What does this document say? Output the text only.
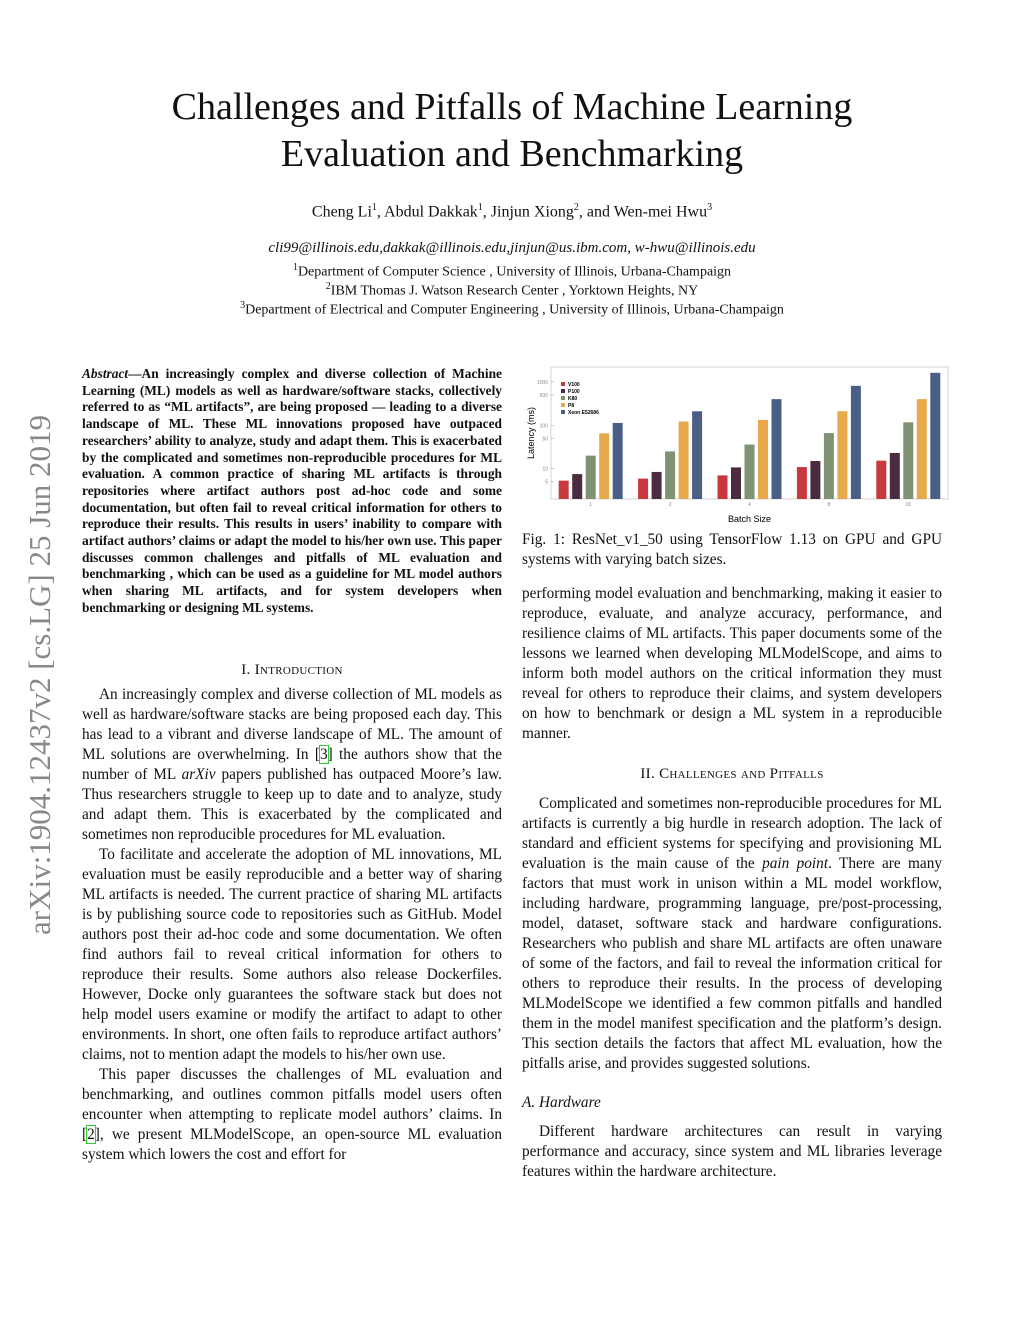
Challenges and Pitfalls of Machine Learning
Evaluation and Benchmarking
Cheng Li$^1$, Abdul Dakkak$^1$, Jinjun Xiong$^2$, and Wen-mei Hwu$^3$
cli99@illinois.edu,dakkak@illinois.edu,jinjun@us.ibm.com, w-hwu@illinois.edu
$^1$Department of Computer Science , University of Illinois, Urbana-Champaign
$^2$IBM Thomas J. Watson Research Center , Yorktown Heights, NY
$^3$Department of Electrical and Computer Engineering , University of Illinois, Urbana-Champaign
arXiv:1904.12437v2 [cs.LG] 25 Jun 2019
Abstract—An increasingly complex and diverse collection of Machine Learning (ML) models as well as hardware/software stacks, collectively referred to as “ML artifacts”, are being proposed — leading to a diverse landscape of ML. These ML innovations proposed have outpaced researchers’ ability to analyze, study and adapt them. This is exacerbated by the complicated and sometimes non-reproducible procedures for ML evaluation. A common practice of sharing ML artifacts is through repositories where artifact authors post ad-hoc code and some documentation, but often fail to reveal critical information for others to reproduce their results. This results in users’ inability to compare with artifact authors’ claims or adapt the model to his/her own use. This paper discusses common challenges and pitfalls of ML evaluation and benchmarking , which can be used as a guideline for ML model authors when sharing ML artifacts, and for system developers when benchmarking or designing ML systems.
I. Introduction

An increasingly complex and diverse collection of ML models as well as hardware/software stacks are being proposed each day. This has lead to a vibrant and diverse landscape of ML. The amount of ML solutions are overwhelming. In [3] the authors show that the number of ML arXiv papers published has outpaced Moore’s law. Thus researchers struggle to keep up to date and to analyze, study and adapt them. This is exacerbated by the complicated and sometimes non reproducible procedures for ML evaluation.

To facilitate and accelerate the adoption of ML innovations, ML evaluation must be easily reproducible and a better way of sharing ML artifacts is needed. The current practice of sharing ML artifacts is by publishing source code to repositories such as GitHub. Model authors post their ad-hoc code and some documentation. We often find authors fail to reveal critical information for others to reproduce their results. Some authors also release Dockerfiles. However, Docke only guarantees the software stack but does not help model users examine or modify the artifact to adapt to other environments. In short, one often fails to reproduce artifact authors’ claims, not to mention adapt the models to his/her own use.

This paper discusses the challenges of ML evaluation and benchmarking, and outlines common pitfalls model users often encounter when attempting to replicate model authors’ claims. In [2], we present MLModelScope, an open-source ML evaluation system which lowers the cost and effort for

5
10
50
100
500
1000
Latency (ms)
Batch Size
1	2	4	8	16
V100
P100
K80
P8
Xeon E52686
Fig. 1: ResNet_v1_50 using TensorFlow 1.13 on GPU and GPU systems with varying batch sizes.

performing model evaluation and benchmarking, making it easier to reproduce, evaluate, and analyze accuracy, performance, and resilience claims of ML artifacts. This paper documents some of the lessons we learned when developing MLModelScope, and aims to inform both model authors on the critical information they must reveal for others to reproduce their claims, and system developers on how to benchmark or design a ML system in a reproducible manner.

II. Challenges and Pitfalls

Complicated and sometimes non-reproducible procedures for ML artifacts is currently a big hurdle in research adoption. The lack of standard and efficient systems for specifying and provisioning ML evaluation is the main cause of the pain point. There are many factors that must work in unison within a ML model workflow, including hardware, programming language, pre/post-processing, model, dataset, software stack and hardware configurations. Researchers who publish and share ML artifacts are often unaware of some of the factors, and fail to reveal the information critical for others to reproduce their results. In the process of developing MLModelScope we identified a few common pitfalls and handled them in the model manifest specification and the platform’s design. This section details the factors that affect ML evaluation, how the pitfalls arise, and provides suggested solutions.

A. Hardware

Different hardware architectures can result in varying performance and accuracy, since system and ML libraries leverage features within the hardware architecture.
